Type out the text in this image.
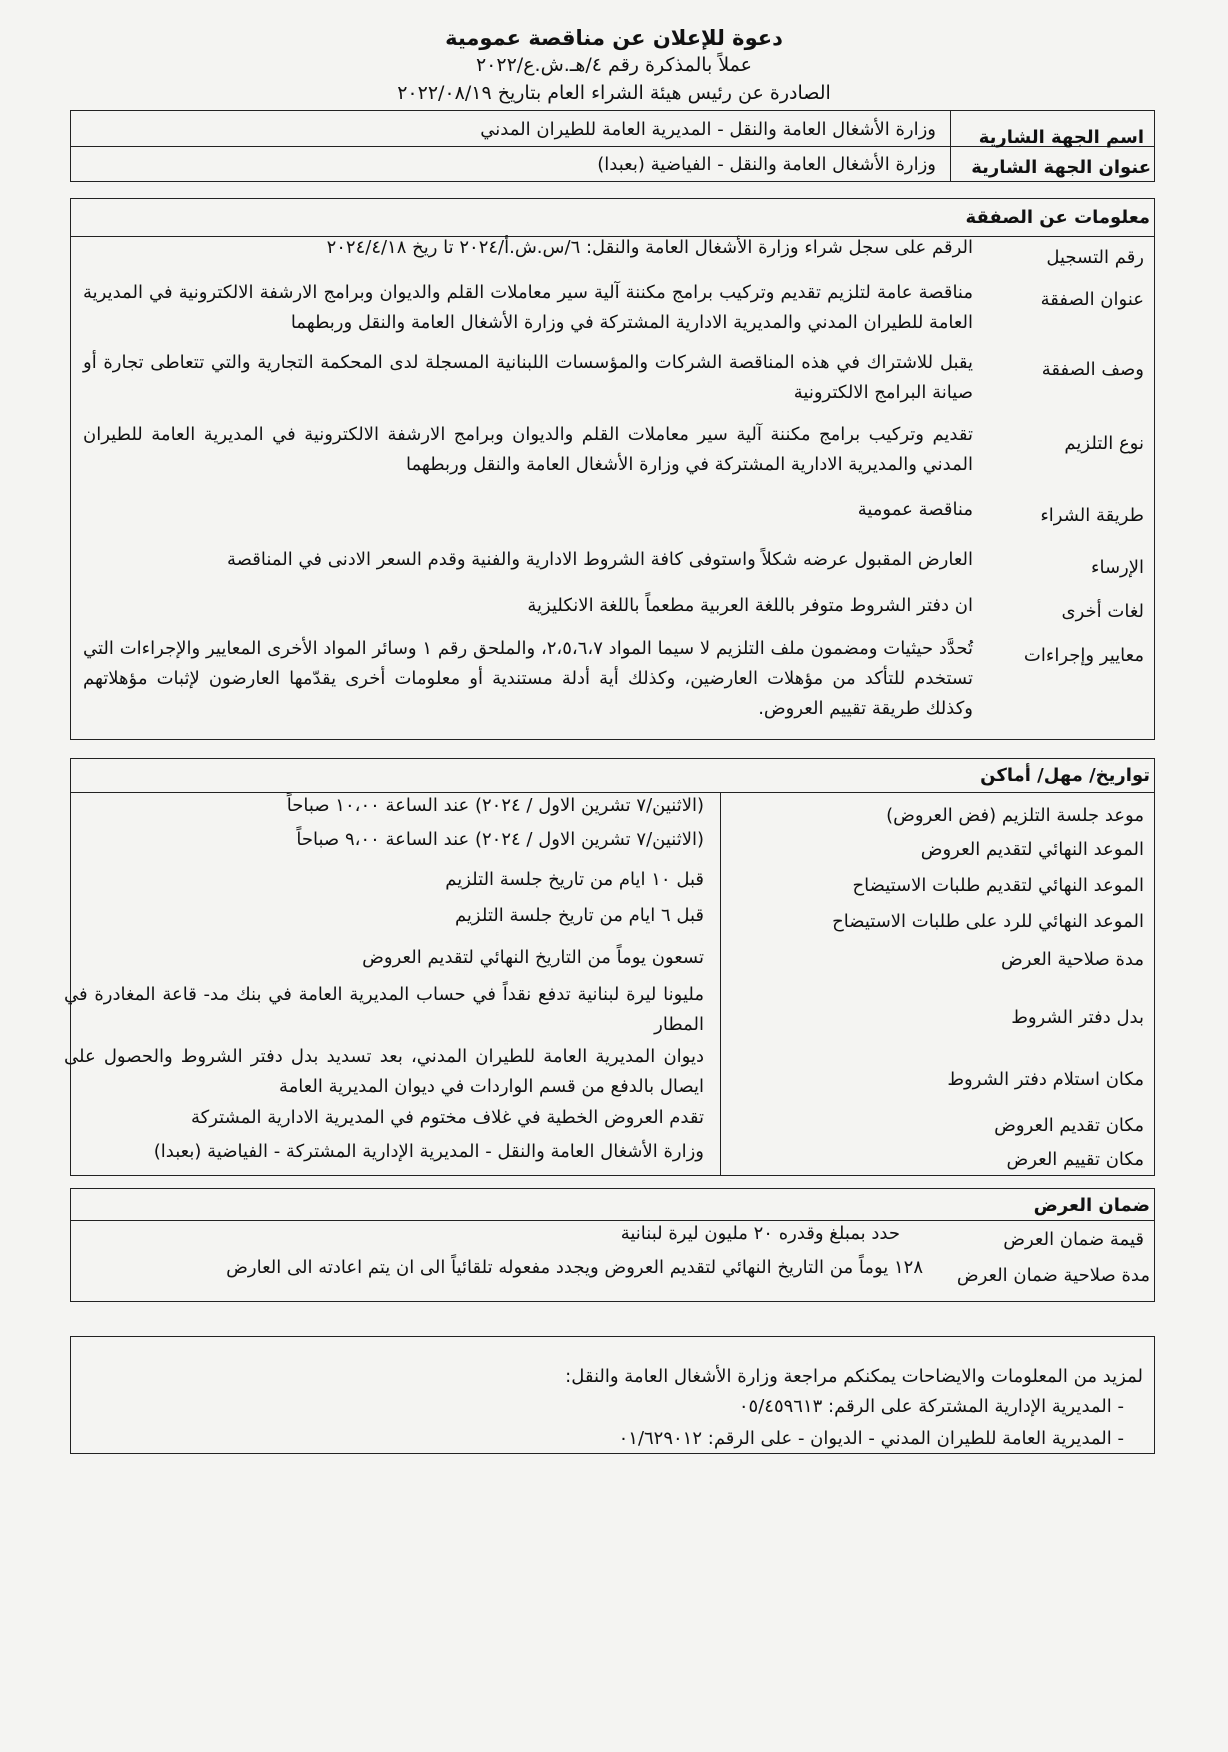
دعوة للإعلان عن مناقصة عمومية
عملاً بالمذكرة رقم ٤/هـ.ش.ع/٢٠٢٢
الصادرة عن رئيس هيئة الشراء العام بتاريخ ٢٠٢٢/٠٨/١٩
اسم الجهة الشارية
وزارة الأشغال العامة والنقل - المديرية العامة للطيران المدني
عنوان الجهة الشارية
وزارة الأشغال العامة والنقل - الفياضية (بعبدا)
معلومات عن الصفقة
رقم التسجيل
الرقم على سجل شراء وزارة الأشغال العامة والنقل: ٦/س.ش.أ/٢٠٢٤ تا ريخ ٢٠٢٤/٤/١٨
عنوان الصفقة
مناقصة عامة لتلزيم تقديم وتركيب برامج مكننة آلية سير معاملات القلم والديوان وبرامج الارشفة الالكترونية في المديرية العامة للطيران المدني والمديرية الادارية المشتركة في وزارة الأشغال العامة والنقل وربطهما
وصف الصفقة
يقبل للاشتراك في هذه المناقصة الشركات والمؤسسات اللبنانية المسجلة لدى المحكمة التجارية والتي تتعاطى تجارة أو صيانة البرامج الالكترونية
نوع التلزيم
تقديم وتركيب برامج مكننة آلية سير معاملات القلم والديوان وبرامج الارشفة الالكترونية في المديرية العامة للطيران المدني والمديرية الادارية المشتركة في وزارة الأشغال العامة والنقل وربطهما
طريقة الشراء
مناقصة عمومية
الإرساء
العارض المقبول عرضه شكلاً واستوفى كافة الشروط الادارية والفنية وقدم السعر الادنى في المناقصة
لغات أخرى
ان دفتر الشروط متوفر باللغة العربية مطعماً باللغة الانكليزية
معايير وإجراءات
تُحدَّد حيثيات ومضمون ملف التلزيم لا سيما المواد ٢،٥،٦،٧، والملحق رقم ١ وسائر المواد الأخرى المعايير والإجراءات التي تستخدم للتأكد من مؤهلات العارضين، وكذلك أية أدلة مستندية أو معلومات أخرى يقدّمها العارضون لإثبات مؤهلاتهم وكذلك طريقة تقييم العروض.
تواريخ/ مهل/ أماكن
موعد جلسة التلزيم (فض العروض)
(الاثنين/٧ تشرين الاول / ٢٠٢٤) عند الساعة ١٠،٠٠ صباحاً
الموعد النهائي لتقديم العروض
(الاثنين/٧ تشرين الاول / ٢٠٢٤) عند الساعة ٩،٠٠ صباحاً
الموعد النهائي لتقديم طلبات الاستيضاح
قبل ١٠ ايام من تاريخ جلسة التلزيم
الموعد النهائي للرد على طلبات الاستيضاح
قبل ٦ ايام من تاريخ جلسة التلزيم
مدة صلاحية العرض
تسعون يوماً من التاريخ النهائي لتقديم العروض
بدل دفتر الشروط
مليونا ليرة لبنانية تدفع نقداً في حساب المديرية العامة في بنك مد- قاعة المغادرة في المطار
مكان استلام دفتر الشروط
ديوان المديرية العامة للطيران المدني، بعد تسديد بدل دفتر الشروط والحصول على ايصال بالدفع من قسم الواردات في ديوان المديرية العامة
مكان تقديم العروض
تقدم العروض الخطية في غلاف مختوم في المديرية الادارية المشتركة
مكان تقييم العرض
وزارة الأشغال العامة والنقل - المديرية الإدارية المشتركة - الفياضية (بعبدا)
ضمان العرض
قيمة ضمان العرض
حدد بمبلغ وقدره ٢٠ مليون ليرة لبنانية
مدة صلاحية ضمان العرض
١٢٨ يوماً من التاريخ النهائي لتقديم العروض ويجدد مفعوله تلقائياً الى ان يتم اعادته الى العارض
لمزيد من المعلومات والايضاحات يمكنكم مراجعة وزارة الأشغال العامة والنقل:
- المديرية الإدارية المشتركة على الرقم: ٠٥/٤٥٩٦١٣
- المديرية العامة للطيران المدني - الديوان - على الرقم: ٠١/٦٢٩٠١٢
